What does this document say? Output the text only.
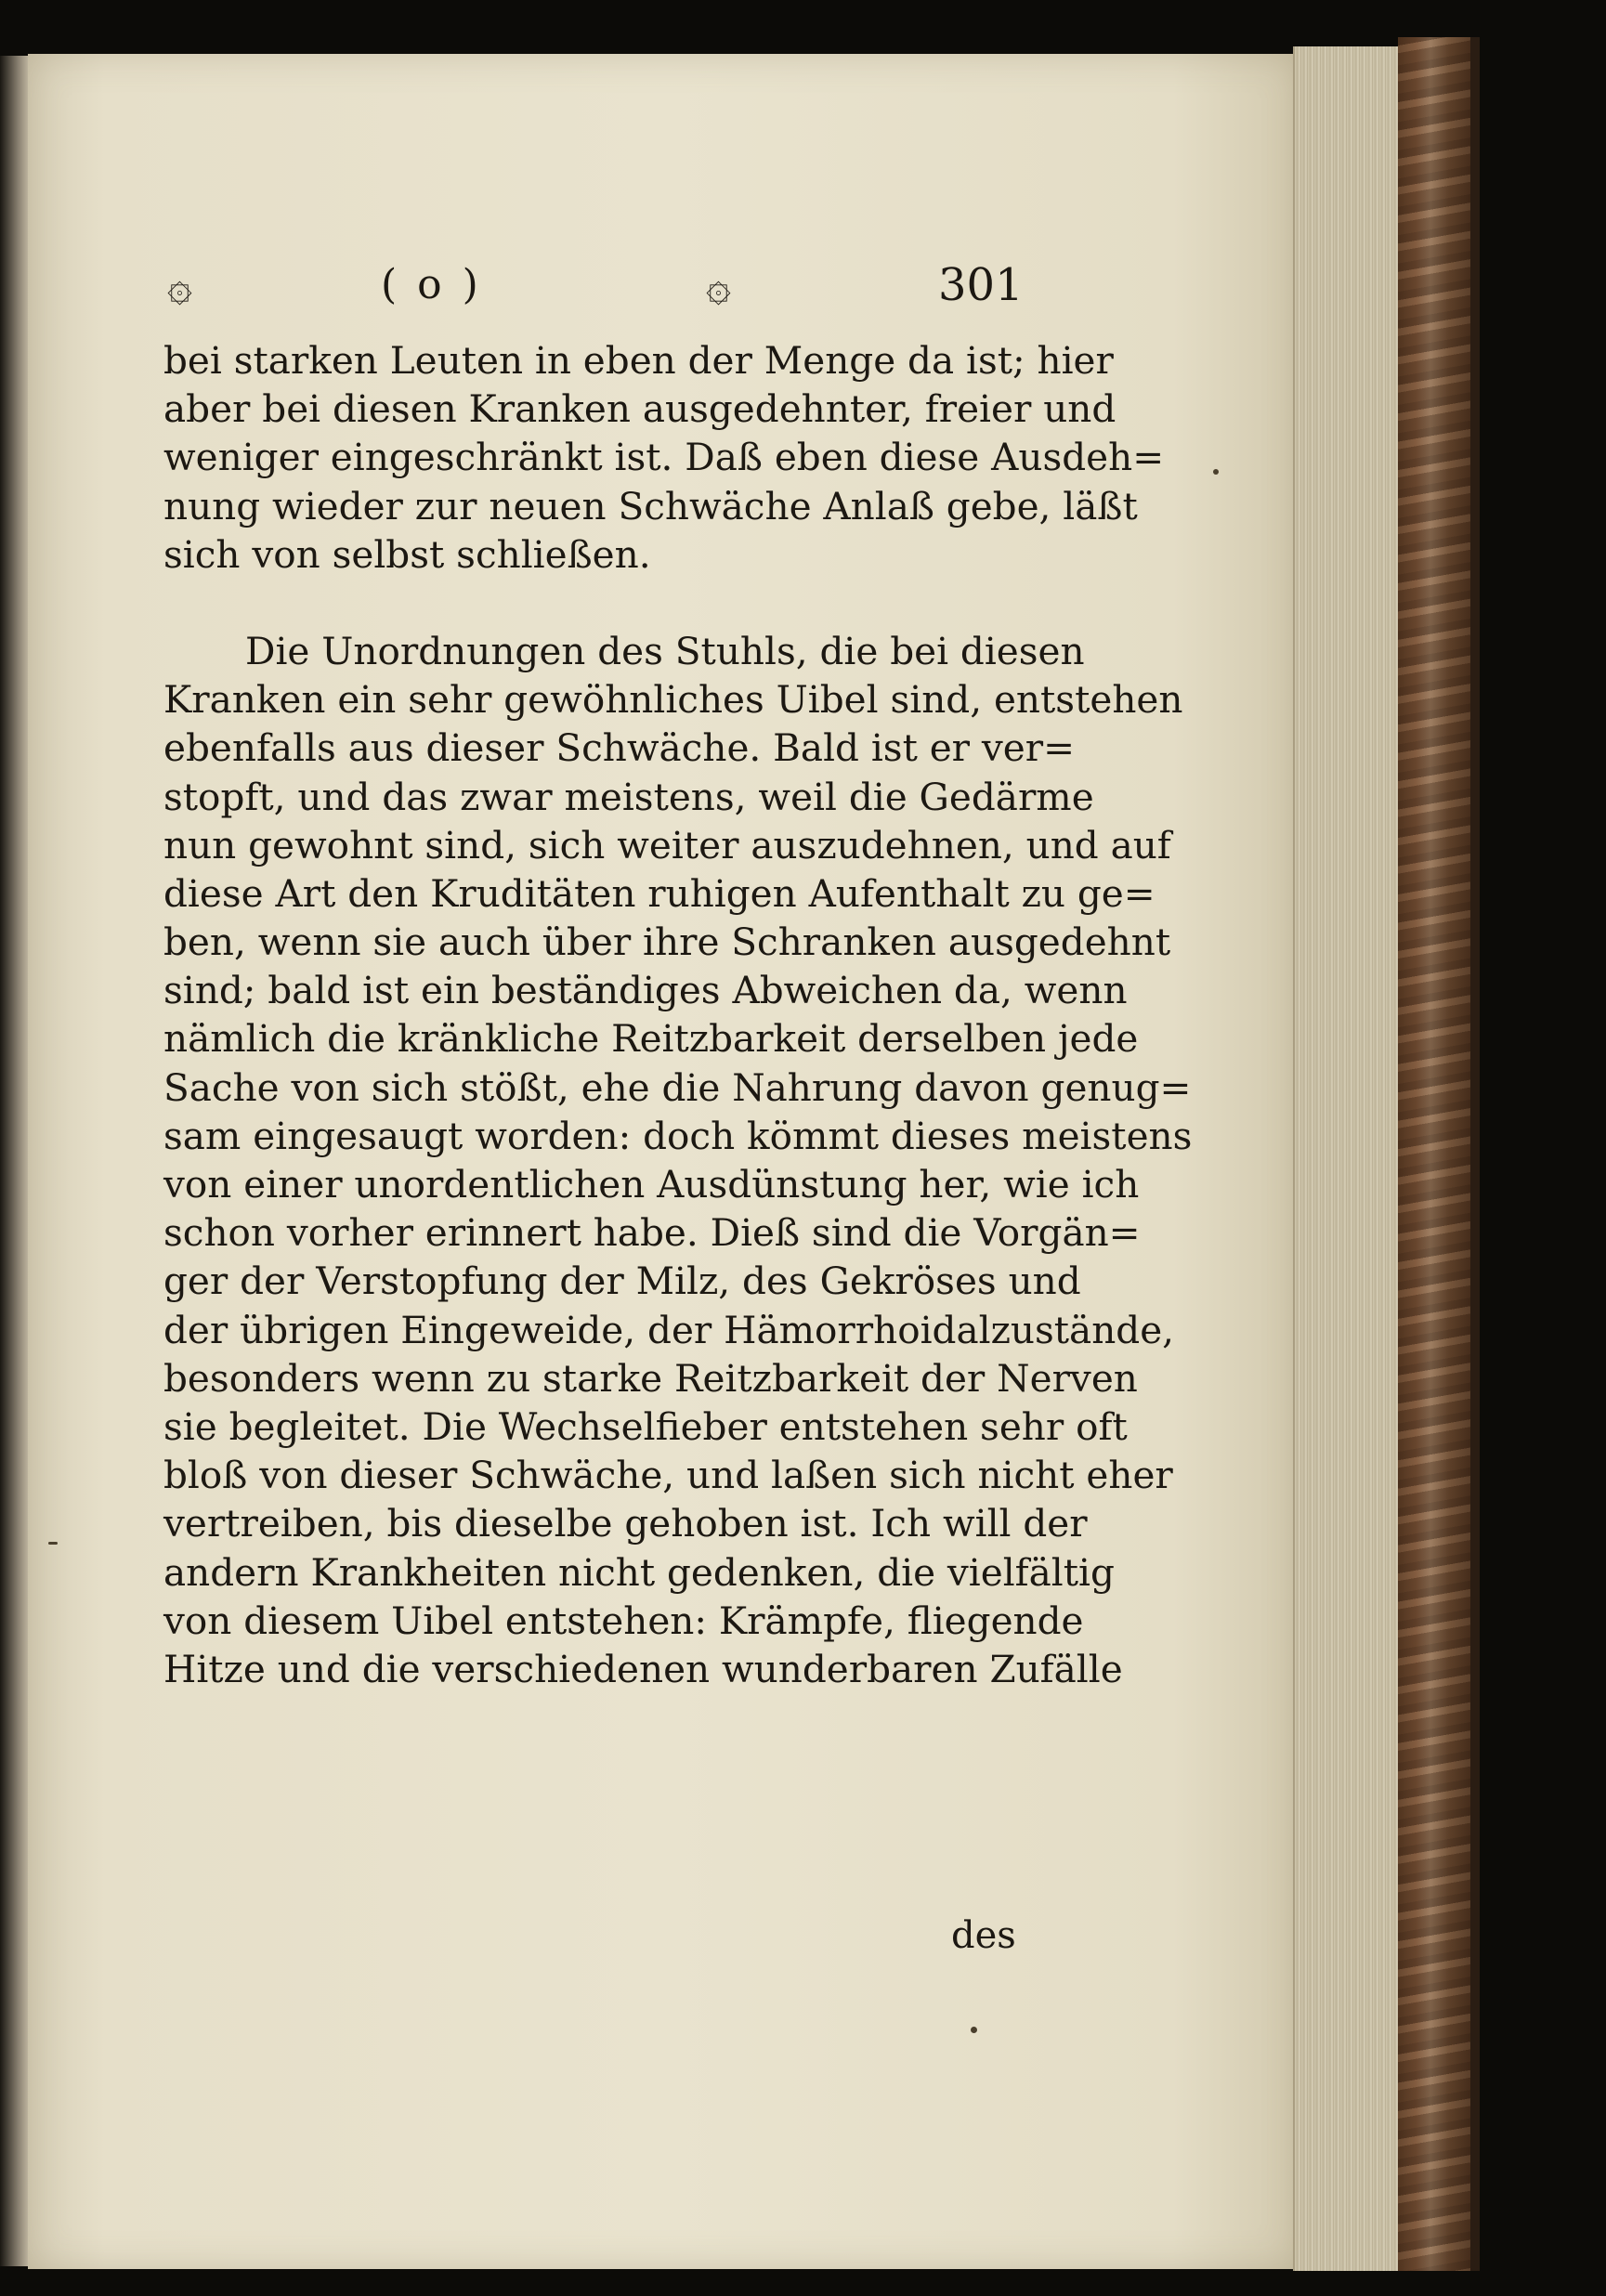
۞	( o )	۞	301
bei starken Leuten in eben der Menge da ist; hier
aber bei diesen Kranken ausgedehnter, freier und
weniger eingeschränkt ist. Daß eben diese Ausdeh=
nung wieder zur neuen Schwäche Anlaß gebe, läßt
sich von selbst schließen.
Die Unordnungen des Stuhls, die bei diesen
Kranken ein sehr gewöhnliches Uibel sind, entstehen
ebenfalls aus dieser Schwäche. Bald ist er ver=
stopft, und das zwar meistens, weil die Gedärme
nun gewohnt sind, sich weiter auszudehnen, und auf
diese Art den Kruditäten ruhigen Aufenthalt zu ge=
ben, wenn sie auch über ihre Schranken ausgedehnt
sind; bald ist ein beständiges Abweichen da, wenn
nämlich die kränkliche Reitzbarkeit derselben jede
Sache von sich stößt, ehe die Nahrung davon genug=
sam eingesaugt worden: doch kömmt dieses meistens
von einer unordentlichen Ausdünstung her, wie ich
schon vorher erinnert habe. Dieß sind die Vorgän=
ger der Verstopfung der Milz, des Gekröses und
der übrigen Eingeweide, der Hämorrhoidalzustände,
besonders wenn zu starke Reitzbarkeit der Nerven
sie begleitet. Die Wechselfieber entstehen sehr oft
bloß von dieser Schwäche, und laßen sich nicht eher
vertreiben, bis dieselbe gehoben ist. Ich will der
andern Krankheiten nicht gedenken, die vielfältig
von diesem Uibel entstehen: Krämpfe, fliegende
Hitze und die verschiedenen wunderbaren Zufälle
des
